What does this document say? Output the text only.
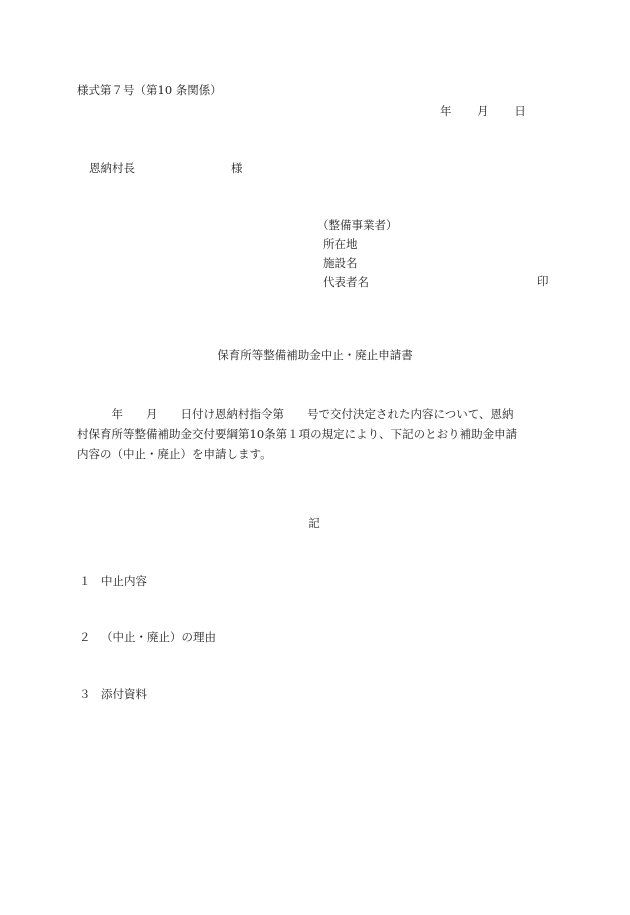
様式第７号（第10 条関係）
年 月 日
恩納村長	様
（整備事業者）
所在地
施設名
代表者名	印
保育所等整備補助金中止・廃止申請書
　　　年　　月　　日付け恩納村指令第　　号で交付決定された内容について、恩納
村保育所等整備補助金交付要綱第10条第１項の規定により、下記のとおり補助金申請
内容の（中止・廃止）を申請します。
記
１ 中止内容
２ （中止・廃止）の理由
３ 添付資料
